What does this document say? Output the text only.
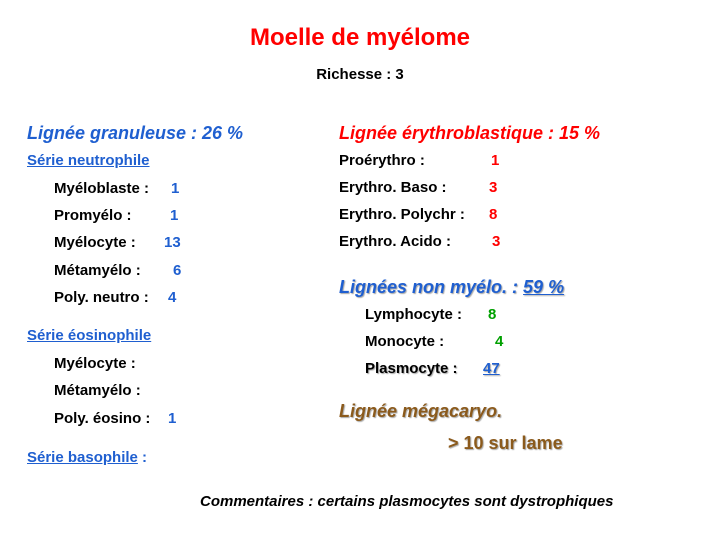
Moelle de myélome
Richesse : 3
Lignée granuleuse : 26 %
Série neutrophile
Myéloblaste : 1
Promyélo :	1
Myélocyte : 13
Métamyélo : 6
Poly. neutro : 4
Série éosinophile
Myélocyte :
Métamyélo :
Poly. éosino : 1
Série basophile :
Lignée érythroblastique : 15 %
Proérythro :	1
Erythro. Baso :	3
Erythro. Polychr : 8
Erythro. Acido :	3
Lignées non myélo. : 59 %
Lymphocyte : 8
Monocyte :	4
Plasmocyte : 47
Lignée mégacaryo.
> 10 sur lame
Commentaires : certains plasmocytes sont dystrophiques
